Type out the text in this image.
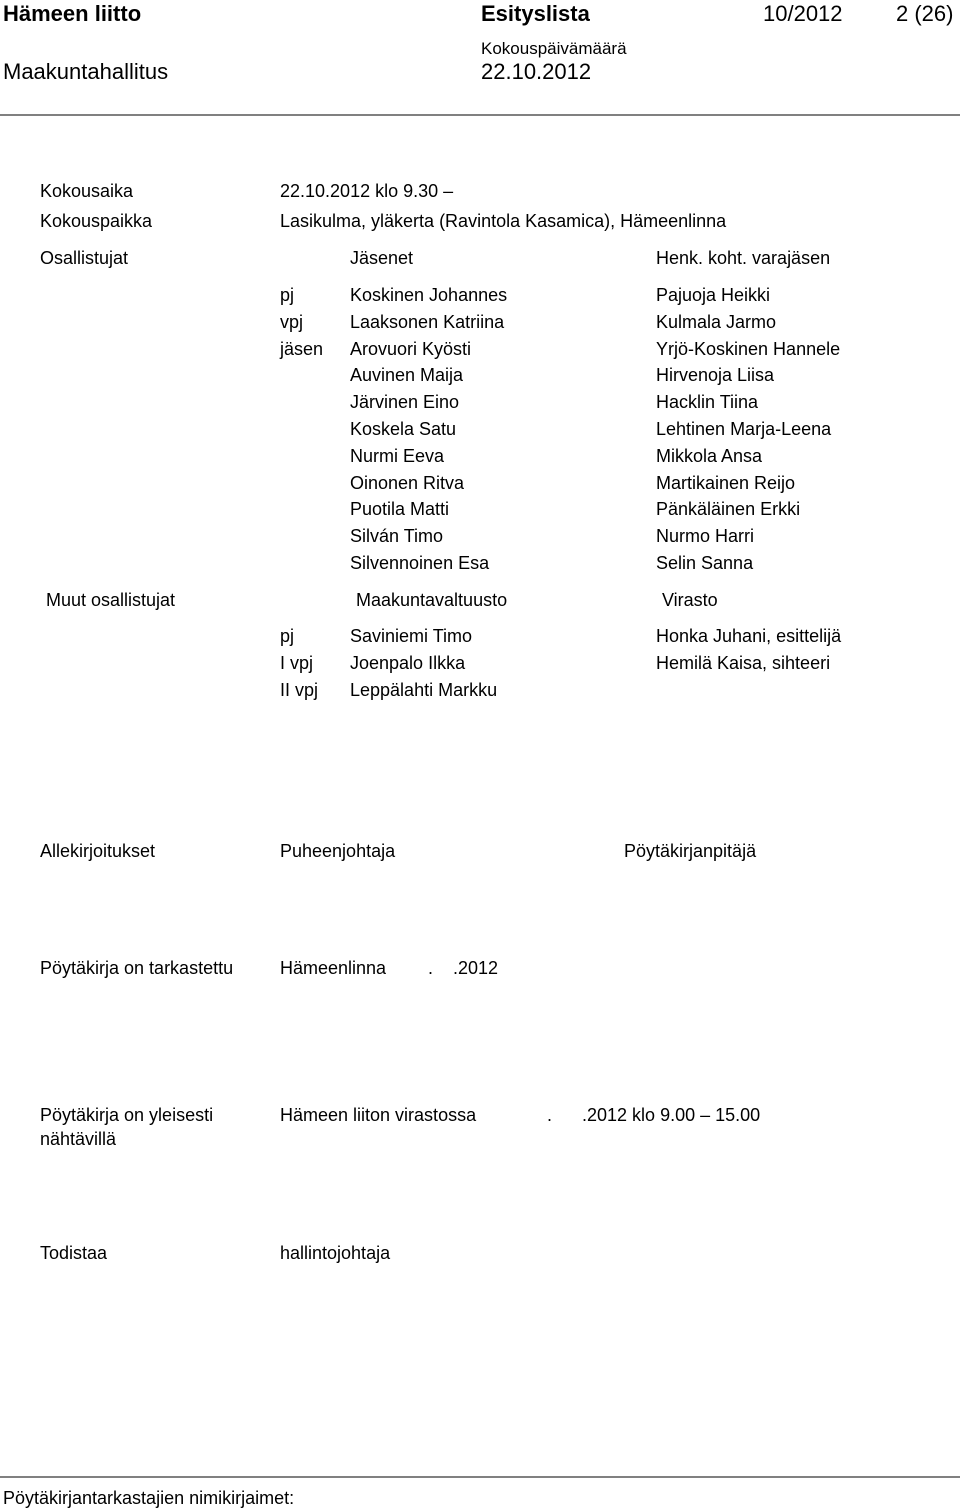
Hämeen liitto	Esityslista	10/2012 2 (26)
Maakuntahallitus
Kokouspäivämäärä
22.10.2012
Kokousaika	22.10.2012 klo 9.30 –
Kokouspaikka	Lasikulma, yläkerta (Ravintola Kasamica), Hämeenlinna
Osallistujat	Jäsenet	Henk. koht. varajäsen
pj	Koskinen Johannes	Pajuoja Heikki
vpj	Laaksonen Katriina	Kulmala Jarmo
jäsen Arovuori Kyösti	Yrjö-Koskinen Hannele
Auvinen Maija	Hirvenoja Liisa
Järvinen Eino	Hacklin Tiina
Koskela Satu	Lehtinen Marja-Leena
Nurmi Eeva	Mikkola Ansa
Oinonen Ritva	Martikainen Reijo
Puotila Matti	Pänkäläinen Erkki
Silván Timo	Nurmo Harri
Silvennoinen Esa	Selin Sanna
Muut osallistujat	Maakuntavaltuusto	Virasto
pj	Saviniemi Timo	Honka Juhani, esittelijä
I vpj Joenpalo Ilkka	Hemilä Kaisa, sihteeri
II vpj Leppälahti Markku
Allekirjoitukset	Puheenjohtaja	Pöytäkirjanpitäjä
Pöytäkirja on tarkastettu	Hämeenlinna .    .2012
Pöytäkirja on yleisesti
nähtävillä
Hämeen liiton virastossa	.      .2012 klo 9.00 – 15.00
Todistaa	hallintojohtaja
Pöytäkirjantarkastajien nimikirjaimet:
